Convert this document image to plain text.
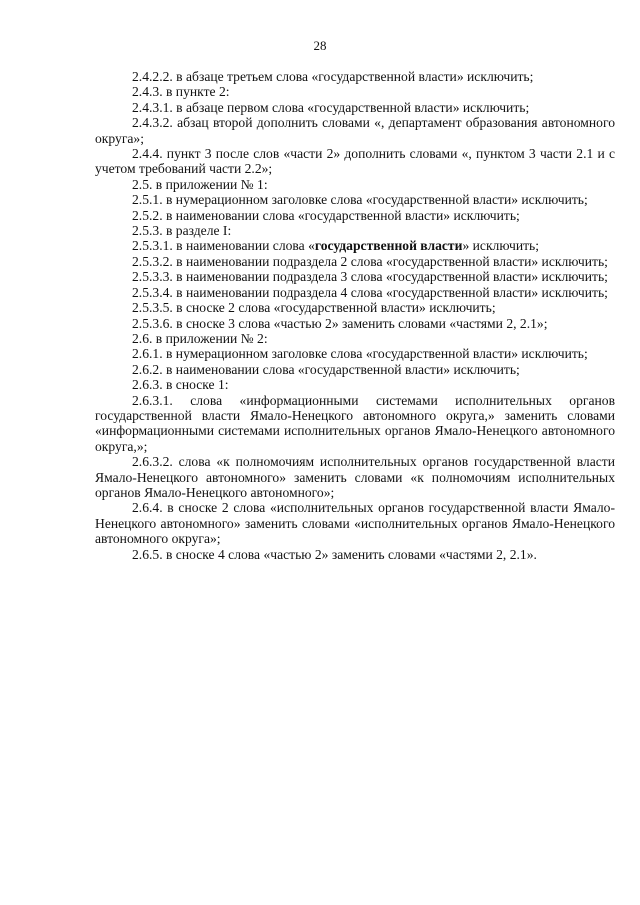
28

2.4.2.2. в абзаце третьем слова «государственной власти» исключить;

2.4.3. в пункте 2:

2.4.3.1. в абзаце первом слова «государственной власти» исключить;

2.4.3.2. абзац второй дополнить словами «, департамент образования автономного округа»;

2.4.4. пункт 3 после слов «части 2» дополнить словами «, пунктом 3 части 2.1 и с учетом требований части 2.2»;

2.5. в приложении № 1:

2.5.1. в нумерационном заголовке слова «государственной власти» исключить;

2.5.2. в наименовании слова «государственной власти» исключить;

2.5.3. в разделе I:

2.5.3.1. в наименовании слова «государственной власти» исключить;

2.5.3.2. в наименовании подраздела 2 слова «государственной власти» исключить;

2.5.3.3. в наименовании подраздела 3 слова «государственной власти» исключить;

2.5.3.4. в наименовании подраздела 4 слова «государственной власти» исключить;

2.5.3.5. в сноске 2 слова «государственной власти» исключить;

2.5.3.6. в сноске 3 слова «частью 2» заменить словами «частями 2, 2.1»;

2.6. в приложении № 2:

2.6.1. в нумерационном заголовке слова «государственной власти» исключить;

2.6.2. в наименовании слова «государственной власти» исключить;

2.6.3. в сноске 1:

2.6.3.1. слова «информационными системами исполнительных органов государственной власти Ямало-Ненецкого автономного округа,» заменить словами «информационными системами исполнительных органов Ямало-Ненецкого автономного округа,»;

2.6.3.2. слова «к полномочиям исполнительных органов государственной власти Ямало-Ненецкого автономного» заменить словами «к полномочиям исполнительных органов Ямало-Ненецкого автономного»;

2.6.4. в сноске 2 слова «исполнительных органов государственной власти Ямало-Ненецкого автономного» заменить словами «исполнительных органов Ямало-Ненецкого автономного округа»;

2.6.5. в сноске 4 слова «частью 2» заменить словами «частями 2, 2.1».
